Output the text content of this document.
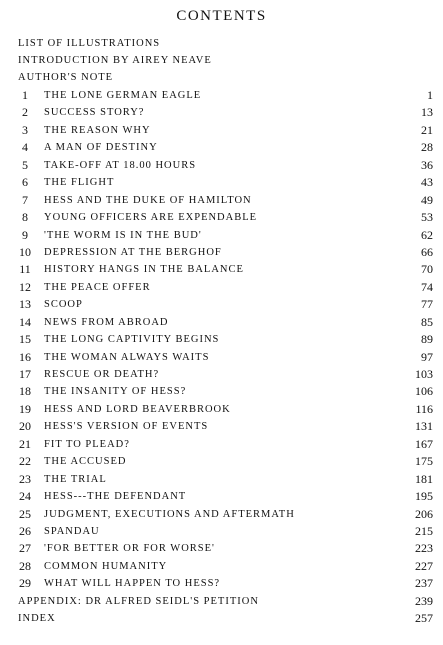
CONTENTS
LIST OF ILLUSTRATIONS
INTRODUCTION BY AIREY NEAVE
AUTHOR'S NOTE
1	THE LONE GERMAN EAGLE	1
2	SUCCESS STORY?	13
3	THE REASON WHY	21
4	A MAN OF DESTINY	28
5	TAKE-OFF AT 18.00 HOURS	36
6	THE FLIGHT	43
7	HESS AND THE DUKE OF HAMILTON	49
8	YOUNG OFFICERS ARE EXPENDABLE	53
9	'THE WORM IS IN THE BUD'	62
10	DEPRESSION AT THE BERGHOF	66
11	HISTORY HANGS IN THE BALANCE	70
12	THE PEACE OFFER	74
13	SCOOP	77
14	NEWS FROM ABROAD	85
15	THE LONG CAPTIVITY BEGINS	89
16	THE WOMAN ALWAYS WAITS	97
17	RESCUE OR DEATH?	103
18	THE INSANITY OF HESS?	106
19	HESS AND LORD BEAVERBROOK	116
20	HESS'S VERSION OF EVENTS	131
21	FIT TO PLEAD?	167
22	THE ACCUSED	175
23	THE TRIAL	181
24	HESS---THE DEFENDANT	195
25	JUDGMENT, EXECUTIONS AND AFTERMATH	206
26	SPANDAU	215
27	'FOR BETTER OR FOR WORSE'	223
28	COMMON HUMANITY	227
29	WHAT WILL HAPPEN TO HESS?	237
APPENDIX: DR ALFRED SEIDL'S PETITION	239
INDEX	257
